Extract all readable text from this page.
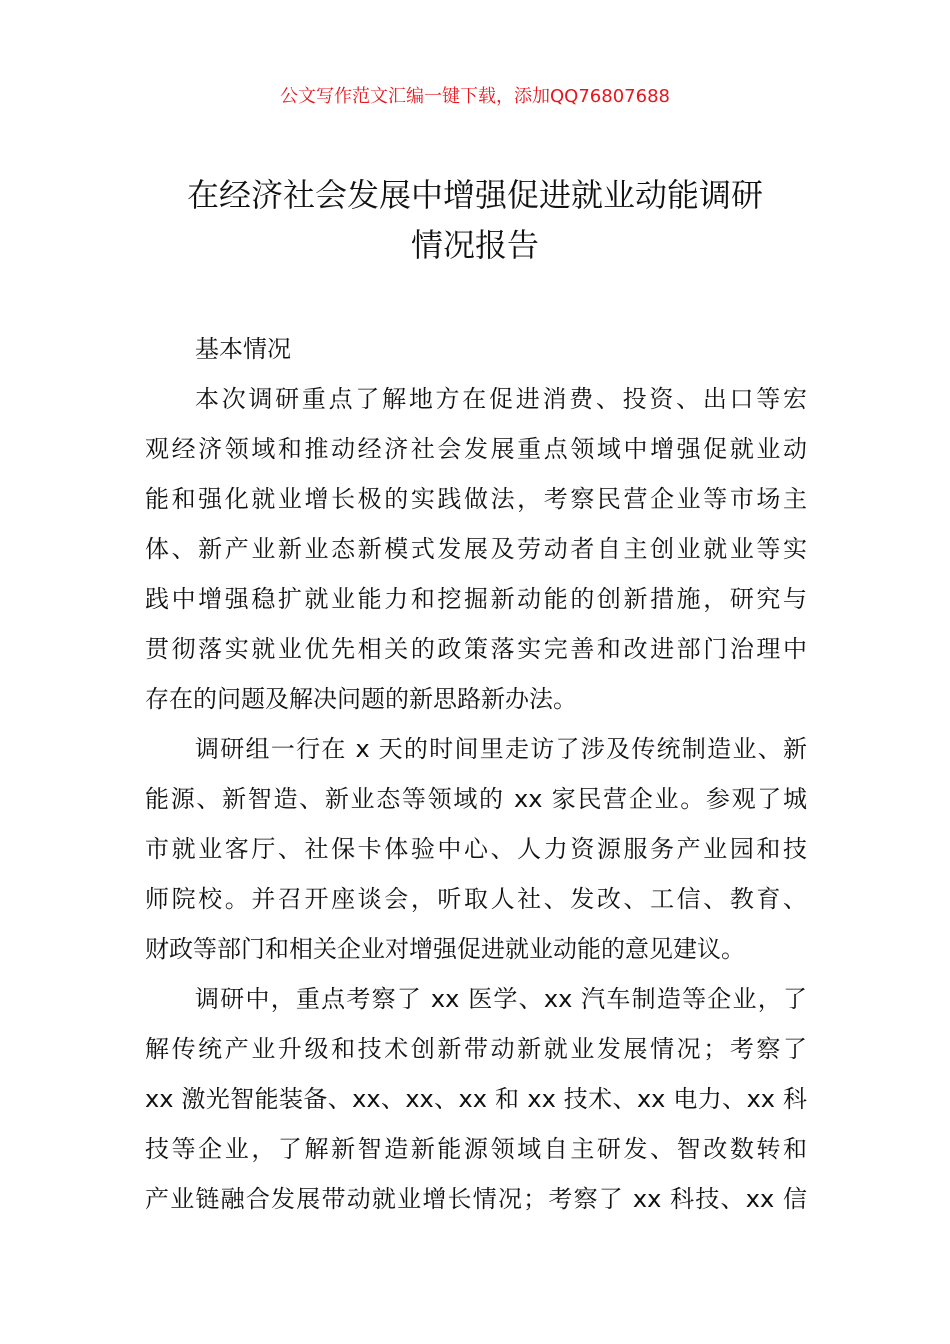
公文写作范文汇编一键下载，添加QQ76807688
在经济社会发展中增强促进就业动能调研
情况报告
基本情况
本次调研重点了解地方在促进消费、投资、出口等宏
观经济领域和推动经济社会发展重点领域中增强促就业动
能和强化就业增长极的实践做法，考察民营企业等市场主
体、新产业新业态新模式发展及劳动者自主创业就业等实
践中增强稳扩就业能力和挖掘新动能的创新措施，研究与
贯彻落实就业优先相关的政策落实完善和改进部门治理中
存在的问题及解决问题的新思路新办法。
调研组一行在 x 天的时间里走访了涉及传统制造业、新
能源、新智造、新业态等领域的 xx 家民营企业。参观了城
市就业客厅、社保卡体验中心、人力资源服务产业园和技
师院校。并召开座谈会，听取人社、发改、工信、教育、
财政等部门和相关企业对增强促进就业动能的意见建议。
调研中，重点考察了 xx 医学、xx 汽车制造等企业，了
解传统产业升级和技术创新带动新就业发展情况；考察了
xx 激光智能装备、xx、xx、xx 和 xx 技术、xx 电力、xx 科
技等企业，了解新智造新能源领域自主研发、智改数转和
产业链融合发展带动就业增长情况；考察了 xx 科技、xx 信
